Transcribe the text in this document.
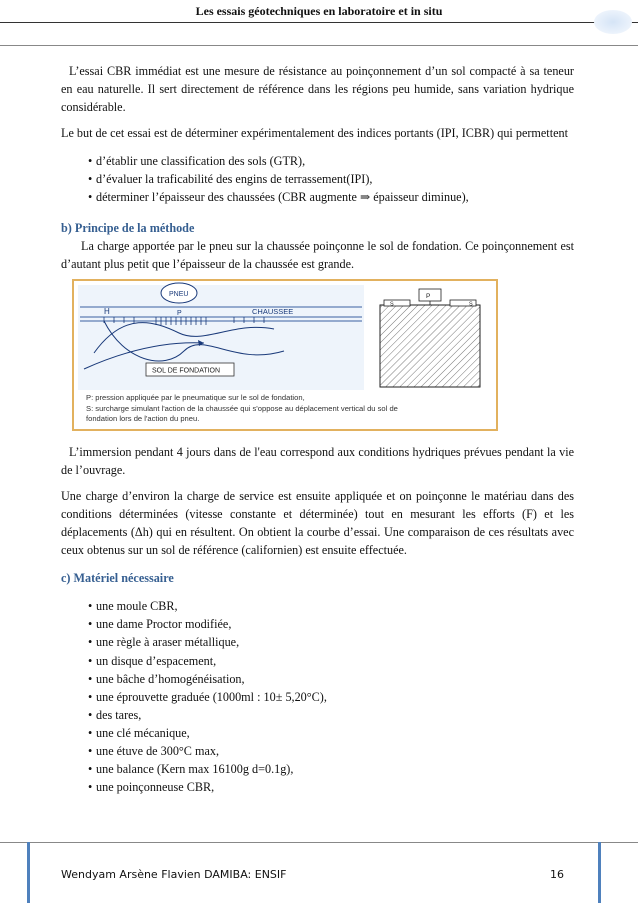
Les essais géotechniques en laboratoire et in situ

L’essai CBR immédiat est une mesure de résistance au poinçonnement d’un sol compacté à sa teneur en eau naturelle. Il sert directement de référence dans les régions peu humide, sans variation hydrique considérable.

Le but de cet essai est de déterminer expérimentalement des indices portants (IPI, ICBR) qui permettent

• d’établir une classification des sols (GTR),
• d’évaluer la traficabilité des engins de terrassement(IPI),
• déterminer l’épaisseur des chaussées (CBR augmente ⇒ épaisseur diminue),
b) Principe de la méthode

La charge apportée par le pneu sur la chaussée poinçonne le sol de fondation. Ce poinçonnement est d’autant plus petit que l’épaisseur de la chaussée est grande.

PNEU
H	P	CHAUSSEE
SOL DE FONDATION
P
S	S
P: pression appliquée par le pneumatique sur le sol de fondation,
S: surcharge simulant l'action de la chaussée qui s'oppose au déplacement vertical du sol de
fondation lors de l'action du pneu.

L’immersion pendant 4 jours dans de l'eau correspond aux conditions hydriques prévues pendant la vie de l’ouvrage.

Une charge d’environ la charge de service est ensuite appliquée et on poinçonne le matériau dans des conditions déterminées (vitesse constante et déterminée) tout en mesurant les efforts (F) et les déplacements (Δh) qui en résultent. On obtient la courbe d’essai. Une comparaison de ces résultats avec ceux obtenus sur un sol de référence (californien) est ensuite effectuée.

c) Matériel nécessaire
• une moule CBR,
• une dame Proctor modifiée,
• une règle à araser métallique,
• un disque d’espacement,
• une bâche d’homogénéisation,
• une éprouvette graduée (1000ml : 10± 5,20°C),
• des tares,
• une clé mécanique,
• une étuve de 300°C max,
• une balance (Kern max 16100g d=0.1g),
• une poinçonneuse CBR,
Wendyam Arsène Flavien DAMIBA: ENSIF	16
